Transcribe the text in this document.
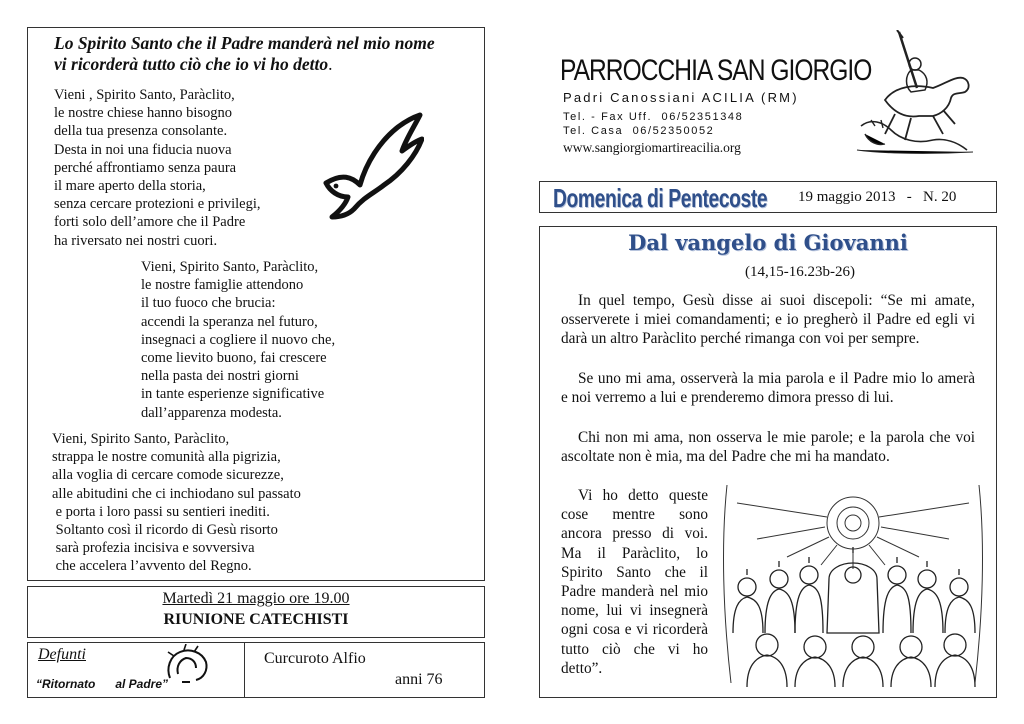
Lo Spirito Santo che il Padre manderà nel mio nome
vi ricorderà tutto ciò che io vi ho detto.
Vieni , Spirito Santo, Paràclito,
le nostre chiese hanno bisogno
della tua presenza consolante.
Desta in noi una fiducia nuova
perché affrontiamo senza paura
il mare aperto della storia,
senza cercare protezioni e privilegi,
forti solo dell’amore che il Padre
ha riversato nei nostri cuori.
Vieni, Spirito Santo, Paràclito,
le nostre famiglie attendono
il tuo fuoco che brucia:
accendi la speranza nel futuro,
insegnaci a cogliere il nuovo che,
come lievito buono, fai crescere
nella pasta dei nostri giorni
in tante esperienze significative
dall’apparenza modesta.
Vieni, Spirito Santo, Paràclito,
strappa le nostre comunità alla pigrizia,
alla voglia di cercare comode sicurezze,
alle abitudini che ci inchiodano sul passato
e porta i loro passi su sentieri inediti.
Soltanto così il ricordo di Gesù risorto
sarà profezia incisiva e sovversiva
che accelera l’avvento del Regno.
Martedì 21 maggio ore 19.00
RIUNIONE CATECHISTI
Defunti
“Ritornato      al Padre”
Curcuroto Alfio
anni 76
PARROCCHIA SAN GIORGIO
Padri Canossiani ACILIA (RM)
Tel. - Fax Uff.  06/52351348
Tel. Casa  06/52350052
www.sangiorgiomartireacilia.org
Domenica di Pentecoste 19 maggio 2013   -   N. 20
Dal vangelo di Giovanni
(14,15-16.23b-26)

In quel tempo, Gesù disse ai suoi discepoli: “Se mi amate, osserverete i miei comandamenti; e io pregherò il Padre ed egli vi darà un altro Paràclito perché rimanga con voi per sempre.

Se uno mi ama, osserverà la mia parola e il Padre mio lo amerà e noi verremo a lui e prenderemo dimora presso di lui.

Chi non mi ama, non osserva le mie parole; e la parola che voi ascoltate non è mia, ma del Padre che mi ha mandato.

Vi ho detto queste cose mentre sono ancora presso di voi. Ma il Paràclito, lo Spirito Santo che il Padre manderà nel mio nome, lui vi insegnerà ogni cosa e vi ricorderà tutto ciò che vi ho detto”.
